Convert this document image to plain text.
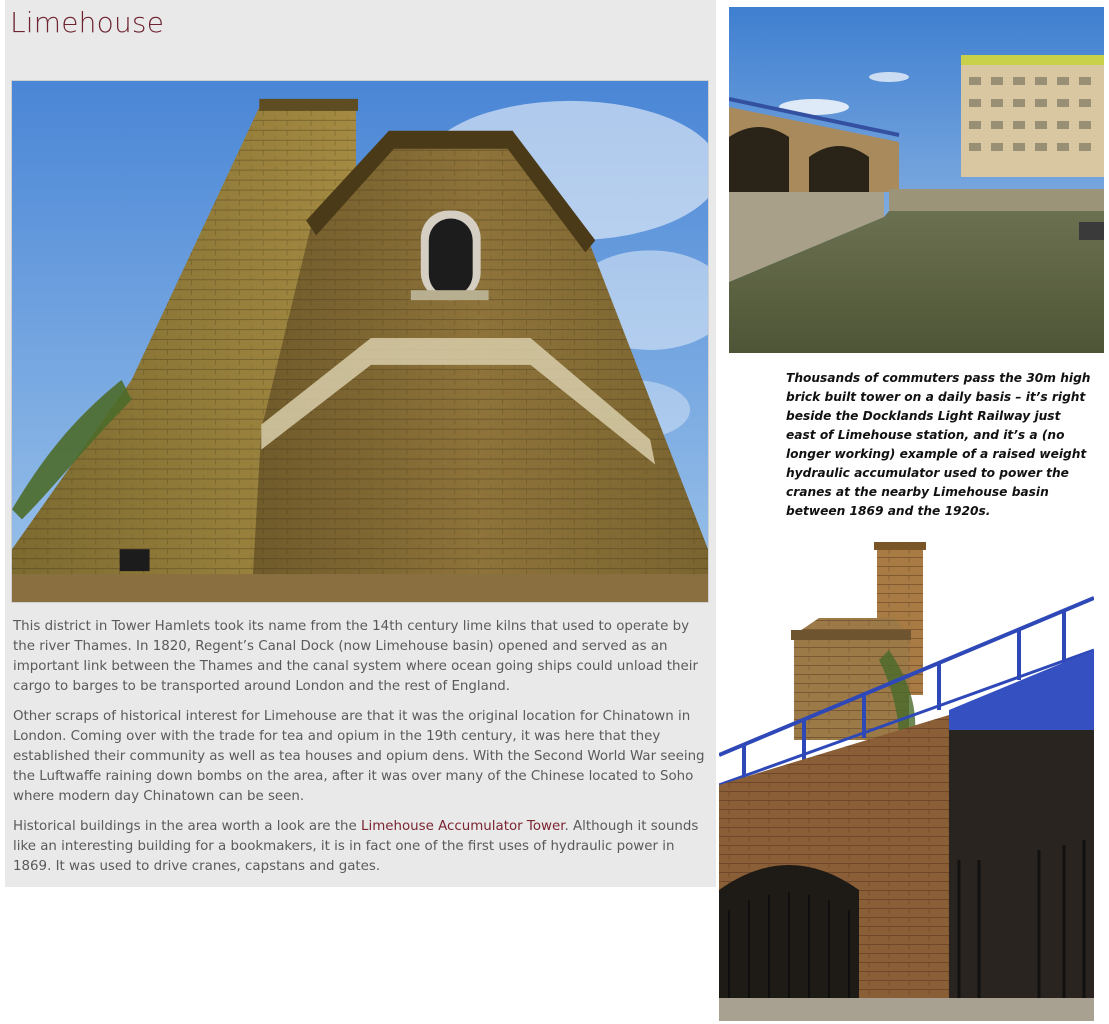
Limehouse

This district in Tower Hamlets took its name from the 14th century lime kilns that used to operate by the river Thames. In 1820, Regent’s Canal Dock (now Limehouse basin) opened and served as an important link between the Thames and the canal system where ocean going ships could unload their cargo to barges to be transported around London and the rest of England.

Other scraps of historical interest for Limehouse are that it was the original location for Chinatown in London. Coming over with the trade for tea and opium in the 19th century, it was here that they established their community as well as tea houses and opium dens. With the Second World War seeing the Luftwaffe raining down bombs on the area, after it was over many of the Chinese located to Soho where modern day Chinatown can be seen.

Historical buildings in the area worth a look are the Limehouse Accumulator Tower. Although it sounds like an interesting building for a bookmakers, it is in fact one of the first uses of hydraulic power in 1869. It was used to drive cranes, capstans and gates.

Thousands of commuters pass the 30m high brick built tower on a daily basis – it’s right beside the Docklands Light Railway just east of Limehouse station, and it’s a (no longer working) example of a raised weight hydraulic accumulator used to power the cranes at the nearby Limehouse basin between 1869 and the 1920s.
